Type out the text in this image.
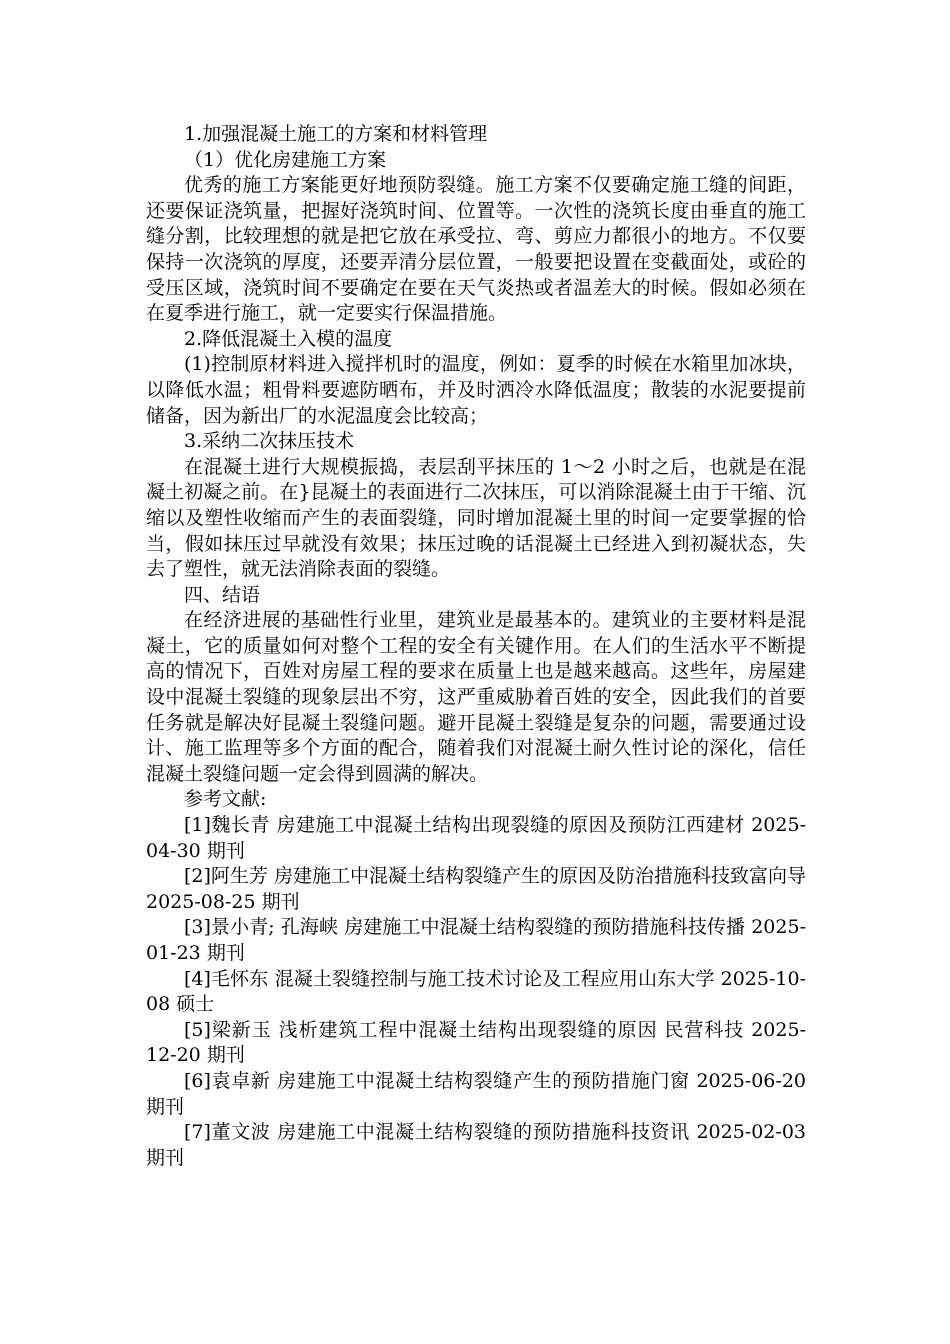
1.加强混凝土施工的方案和材料管理

（1）优化房建施工方案

优秀的施工方案能更好地预防裂缝。施工方案不仅要确定施工缝的间距，还要保证浇筑量，把握好浇筑时间、位置等。一次性的浇筑长度由垂直的施工缝分割，比较理想的就是把它放在承受拉、弯、剪应力都很小的地方。不仅要保持一次浇筑的厚度，还要弄清分层位置，一般要把设置在变截面处，或砼的受压区域，浇筑时间不要确定在要在天气炎热或者温差大的时候。假如必须在在夏季进行施工，就一定要实行保温措施。

2.降低混凝土入模的温度

(1)控制原材料进入搅拌机时的温度，例如：夏季的时候在水箱里加冰块，以降低水温；粗骨料要遮防晒布，并及时洒冷水降低温度；散装的水泥要提前储备，因为新出厂的水泥温度会比较高；

3.采纳二次抹压技术

在混凝土进行大规模振捣，表层刮平抹压的 1～2 小时之后，也就是在混凝土初凝之前。在}昆凝土的表面进行二次抹压，可以消除混凝土由于干缩、沉缩以及塑性收缩而产生的表面裂缝，同时增加混凝土里的时间一定要掌握的恰当，假如抹压过早就没有效果；抹压过晚的话混凝土已经进入到初凝状态，失去了塑性，就无法消除表面的裂缝。

四、结语

在经济进展的基础性行业里，建筑业是最基本的。建筑业的主要材料是混凝土，它的质量如何对整个工程的安全有关键作用。在人们的生活水平不断提高的情况下，百姓对房屋工程的要求在质量上也是越来越高。这些年，房屋建设中混凝土裂缝的现象层出不穷，这严重威胁着百姓的安全，因此我们的首要任务就是解决好昆凝土裂缝问题。避开昆凝土裂缝是复杂的问题，需要通过设计、施工监理等多个方面的配合，随着我们对混凝土耐久性讨论的深化，信任混凝土裂缝问题一定会得到圆满的解决。

参考文献:

[1]魏长青 房建施工中混凝土结构出现裂缝的原因及预防江西建材 2025-04-30 期刊

[2]阿生芳 房建施工中混凝土结构裂缝产生的原因及防治措施科技致富向导 2025-08-25 期刊

[3]景小青; 孔海峡 房建施工中混凝土结构裂缝的预防措施科技传播 2025-01-23 期刊

[4]毛怀东 混凝土裂缝控制与施工技术讨论及工程应用山东大学 2025-10-08 硕士

[5]梁新玉 浅析建筑工程中混凝土结构出现裂缝的原因 民营科技 2025-12-20 期刊

[6]袁卓新 房建施工中混凝土结构裂缝产生的预防措施门窗 2025-06-20 期刊

[7]董文波 房建施工中混凝土结构裂缝的预防措施科技资讯 2025-02-03 期刊
